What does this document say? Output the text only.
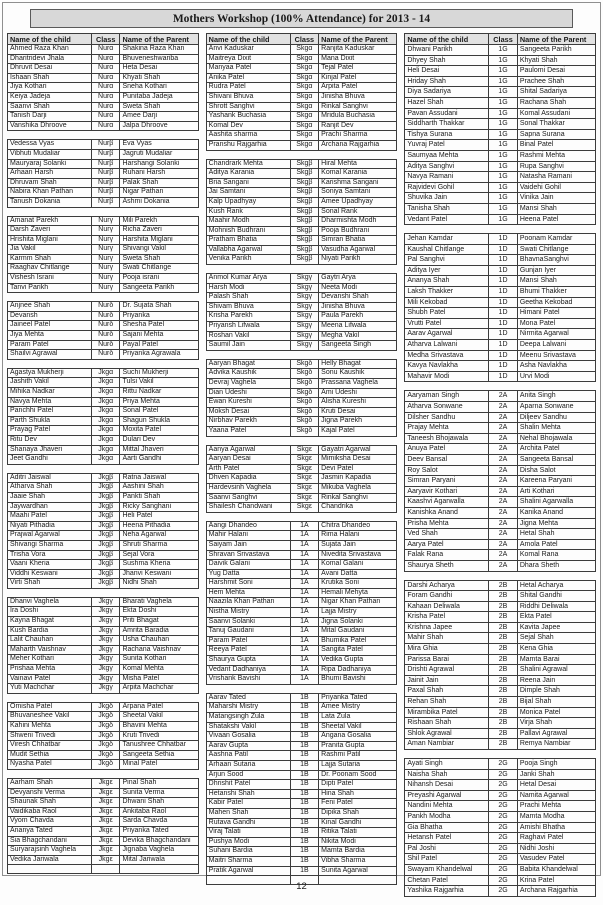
Mothers Workshop (100% Attendance) for 2013 - 14
Name of the child	Class	Name of the Parent
Ahmed Raza Khan	Nurα	Shakina Raza Khan
Dharitridevi Jhala	Nurα	Bhuveneshwariba
Dhruvit Desai	Nurα	Heta Desai
Ishaan Shah	Nurα	Khyati Shah
Jiya Kothari	Nurα	Sneha Kothari
Keiya Jadeja	Nurα	Punitaba Jadeja
Saanvi Shah	Nurα	Sweta Shah
Tanish Darji	Nurα	Amee Darji
Vanshika Dhroove	Nurα	Jalpa Dhroove
Vedessa Vyas	Nurβ	Eva Vyas
Vibhuti Mudaliar	Nurβ	Jagruti Mudaliar
Mauryaraj Solanki	Nurβ	Harshangi Solanki
Arhaan Harsh	Nurβ	Ruhani Harsh
Dhruvam Shah	Nurβ	Palak Shah
Nabira Khan Pathan	Nurβ	Nigar Pathan
Tanush Dokania	Nurβ	Ashmi Dokania
Amanat Parekh	Nurγ	Mili Parekh
Darsh Zaveri	Nurγ	Richa Zaveri
Hrishita Miglani	Nurγ	Harshita Miglani
Jia Vakil	Nurγ	Shivangi Vakil
Karmm Shah	Nurγ	Sweta Shah
Raaghav Chitlange	Nurγ	Swati Chitlange
Vishesh Israni	Nurγ	Pooja israni
Tanvi Parikh	Nurγ	Sangeeta Parikh
Anjnee Shah	Nurδ	Dr. Sujata Shah
Devansh	Nurδ	Priyanka
Jaineel Patel	Nurδ	Shesha Patel
Jiya Mehta	Nurδ	Sajani Mehta
Param Patel	Nurδ	Payal Patel
Shailvi Agrawal	Nurδ	Priyanka Agrawala
Agastya Mukherji	Jkgα	Suchi Mukherji
Jashith Vakil	Jkgα	Tulsi Vakil
Mihika Nadkar	Jkgα	Rittu Nadkar
Navya Mehta	Jkgα	Priya Mehta
Panchhi Patel	Jkgα	Sonal Patel
Parth Shukla	Jkgα	Shagun Shukla
Prayag Patel	Jkgα	Moxita Patel
Ritu Dev	Jkgα	Dulari Dev
Shanaya Jhaveri	Jkgα	Mittal Jhaveri
Jeet Gandhi	Jkgα	Aarti Gandhi
Aditri Jaiswal	Jkgβ	Ratna Jaiswal
Atharva Shah	Jkgβ	Aashini Shah
Jaaie Shah	Jkgβ	Pankti Shah
Jaywardhan	Jkgβ	Ricky Sanghani
Maahi Patel	Jkgβ	Heli Patel
Niyati Pithadia	Jkgβ	Heena Pithadia
Prajwal Agarwal	Jkgβ	Neha Agarwal
Shivangi Sharma	Jkgβ	Shruti Sharma
Trisha Vora	Jkgβ	Sejal Vora
Vaani Kheria	Jkgβ	Sushma Kheria
Viddhi Keswani	Jkgβ	Jhanvi Keswani
Virti Shah	Jkgβ	Nidhi Shah
Dhanvi Vaghela	Jkgγ	Bharati Vaghela
Ira Doshi	Jkgγ	Ekta Doshi
Kayna Bhagat	Jkgγ	Priti Bhagat
Kush Bardia	Jkgγ	Amrita Baradia
Lalit Chauhan	Jkgγ	Usha Chauhan
Maharth Vaishnav	Jkgγ	Rachana Vaishnav
Meher Kothari	Jkgγ	Sunita Kothari
Prishaa Mehta	Jkgγ	Komal Mehta
Vainavi Patel	Jkgγ	Misha Patel
Yuti Machchar	Jkgγ	Arpita Machchar
Omisha Patel	Jkgδ	Arpana Patel
Bhuvaneshee Vakil	Jkgδ	Sheetal Vakil
Kahini Mehta	Jkgδ	Bhavini Mehta
Shweni Trivedi	Jkgδ	Kruti Trivedi
Viresh Chhatbar	Jkgδ	Tanushree Chhatbar
Mudit Sethia	Jkgδ	Sangeeta Sethia
Nyasha Patel	Jkgδ	Minal Patel
Aarham Shah	Jkgε	Pinal Shah
Devyanshi Verma	Jkgε	Sunita Verma
Shaunak Shah	Jkgε	Dhwani Shah
Vaidikaba Raol	Jkgε	Ankitaba Raol
Vyom Chavda	Jkgε	Sarda Chavda
Ananya Tated	Jkgε	Priyanka Tated
Sia Bhagchandani	Jkgε	Devika Bhagchandani
Suryarajsinh Vaghela	Jkgε	Jignaba Vaghela
Vedika Jariwala	Jkgε	Mital Jariwala

Name of the child	Class	Name of the Parent
Anvi Kaduskar	Skgα	Ranjita Kaduskar
Maitreya Dixit	Skgα	Mana Dixit
Manyaa Patel	Skgα	Tejal Patel
Anika Patel	Skgα	Kinjal Patel
Rudra Patel	Skgα	Arpita Patel
Shivani Bhuva	Skgα	Jinisha Bhuva
Shrott Sanghvi	Skgα	Rinkal Sanghvi
Yashank Buchasia	Skgα	Mridula Buchasia
Komal Dev	Skgα	Ranjit Dev
Aashita sharma	Skgα	Prachi Sharma
Pranshu Rajgarhia	Skgα	Archana Rajgarhia
Chandrark Mehta	Skgβ	Hiral Mehta
Aditya Karania	Skgβ	Komal Karania
Bria Sangani	Skgβ	Karishma Sangani
Jai Samtani	Skgβ	Soniya Samtani
Kalp Upadhyay	Skgβ	Amee Upadhyay
Kush Rank	Skgβ	Sonal Rank
Maahir Modh	Skgβ	Dharmishta Modh
Mohnish Budhrani	Skgβ	Pooja Budhrani
Pratham Bhatia	Skgβ	Simran Bhatia
Vallabha Agarwal	Skgβ	Vasudha Agarwal
Venika Parikh	Skgβ	Niyati Parikh
Anmol Kumar Arya	Skgγ	Gaytri Arya
Harsh Modi	Skgγ	Neeta Modi
Palash Shah	Skgγ	Devanshi Shah
Shivam Bhuva	Skgγ	Jinisha Bhuva
Krisha Parekh	Skgγ	Paula Parekh
Priyansh Lifwala	Skgγ	Meena Lifwala
Roshan Vakil	Skgγ	Megha Vakil
Saumil Jain	Skgγ	Sangeeta Singh
Aaryan Bhagat	Skgδ	Helly Bhagat
Advika Kaushik	Skgδ	Sonu Kaushik
Devraj Vaghela	Skgδ	Prassana Vaghela
Dian Udeshi	Skgδ	Ami Udeshi
Ewan Kureshi	Skgδ	Alisha Kureshi
Moksh Desai	Skgδ	Kruti Desai
Nirbhav Parekh	Skgδ	Jigna Parekh
Yaana Patel	Skgδ	Kajal Patel
Aanya Agarwal	Skgε	Gayatri Agarwal
Aaryan Desai	Skgε	Mimiksha Desai
Arth Patel	Skgε	Devi Patel
Dhven Kapadia	Skgε	Jasmin Kapadia
Hardevsinh Vaghela	Skgε	Mikuba Vaghela
Saanvi Sanghvi	Skgε	Rinkal Sanghvi
Shailesh Chandwani	Skgε	Chandrika
Aangi Dhandeo	1A	Chitra Dhandeo
Mahir Halani	1A	Rima Halani
Saiyam Jain	1A	Sujata Jain
Shravan Srivastava	1A	Nivedita Srivastava
Daivik Galani	1A	Komal Galani
Yug Datta	1A	Avani Datta
Harshmit Soni	1A	Krutika Soni
Hem Mehta	1A	Hemali Mehyta
Naazila Khan Pathan	1A	Nigar Khan Pathan
Nistha Mistry	1A	Lajja Mistry
Saanvi Solanki	1A	Jigna Solanki
Tanuj Gaudani	1A	Mital Gaudani
Param Patel	1A	Bhumika Patel
Reeya Patel	1A	Sangita Patel
Shaurya Gupta	1A	Vedika Gupta
Vedant Dadhaniya	1A	Ripa Dadhaniya
Vrishank Bavishi	1A	Bhumi Bavishi
Aarav Tated	1B	Priyanka Tated
Maharshi Mistry	1B	Amee Mistry
Matangsingh Zula	1B	Lata Zula
Shatakshi Vakil	1B	Sheetal Vakil
Vivaan Gosalia	1B	Angana Gosalia
Aarav Gupta	1B	Pranita Gupta
Aashna Patil	1B	Rashmi Patil
Arhaan Sutaria	1B	Lajja Sutaria
Arjun Sood	1B	Dr. Poonam Sood
Dhrishit Patel	1B	Dipti Patel
Hetanshi Shah	1B	Hina Shah
Kabir Patel	1B	Feni Patel
Mahen Shah	1B	Dipika Shah
Rutava Gandhi	1B	Kinal Gandhi
Viraj Talati	1B	Ritika Talati
Pushya Modi	1B	Nikita Modi
Suhani Bardia	1B	Mamta Bardia
Maitri Sharma	1B	Vibha Sharma
Pratik Agarwal	1B	Sunita Agarwal

Name of the child	Class	Name of the Parent
Dhwani Parikh	1G	Sangeeta Parikh
Dhyey Shah	1G	Khyati Shah
Heli Desai	1G	Paulomi Desai
Hriday Shah	1G	Prachee Shah
Diya Sadariya	1G	Shital Sadariya
Hazel Shah	1G	Rachana Shah
Pavan Assudani	1G	Komal Assudani
Siddharth Thakkar	1G	Sonal Thakkar
Tishya Surana	1G	Sapna Surana
Yuvraj Patel	1G	Binal Patel
Saumyaa Mehta	1G	Rashmi Mehta
Aditya Sanghvi	1G	Rupa Sanghvi
Navya Ramani	1G	Natasha Ramani
Rajvidevi Gohil	1G	Vaidehi Gohil
Shuvika Jain	1G	Vinika Jain
Tanisha Shah	1G	Mansi Shah
Vedant Patel	1G	Heena Patel
Jehan Kamdar	1D	Poonam Kamdar
Kaushal Chitlange	1D	Swati Chitlange
Pal Sanghvi	1D	BhavnaSanghvi
Aditya Iyer	1D	Gunjan Iyer
Ananya Shah	1D	Mansi Shah
Laksh Thakker	1D	Bhumi Thakker
Mili Kekobad	1D	Geetha Kekobad
Shubh Patel	1D	Himani Patel
Vrutti Patel	1D	Mona Patel
Aarav Agarwal	1D	Nirmita Agarwal
Atharva Lalwani	1D	Deepa Lalwani
Medha Srivastava	1D	Meenu Srivastava
Kavya Navlakha	1D	Asha Navlakha
Mahavir Modi	1D	Urvi Modi
Aaryaman Singh	2A	Anita Singh
Atharva Sonwane	2A	Aparna Sonwane
Dilsher Sandhu	2A	Diljeev Sandhu
Prajay Mehta	2A	Shalin Mehta
Taneesh Bhojawala	2A	Nehal Bhojawala
Anuya Patel	2A	Archita Patel
Deev Bansal	2A	Sangeeta Bansal
Roy Salot	2A	Disha Salot
Simran Paryani	2A	Kareena Paryani
Aaryavir Kothari	2A	Arti Kothari
Kaashvi Agarwalla	2A	Shalini Agarwalla
Kanishka Anand	2A	Kanika Anand
Prisha Mehta	2A	Jigna Mehta
Ved Shah	2A	Hetal Shah
Aarya Patel	2A	Amola Patel
Falak Rana	2A	Komal Rana
Shaurya Sheth	2A	Dhara Sheth
Darshi Acharya	2B	Hetal Acharya
Foram Gandhi	2B	Shital Gandhi
Kahaan Deliwala	2B	Riddhi Deliwala
Krisha Patel	2B	Ekta Patel
Krishna Japee	2B	Kavita Japee
Mahir Shah	2B	Sejal Shah
Mira Ghia	2B	Kena Ghia
Parissa Barai	2B	Mamta Barai
Drishti Agrawal	2B	Shalini Agrawal
Jainit Jain	2B	Reena Jain
Paxal Shah	2B	Dimple Shah
Rehan Shah	2B	Bijal Shah
Mirambika Patel	2B	Monica Patel
Rishaan Shah	2B	Virja Shah
Shlok Agrawal	2B	Pallavi Agrawal
Aman Nambiar	2B	Remya Nambiar
Ayati Singh	2G	Pooja Singh
Naisha Shah	2G	Janki Shah
Nihansh Desai	2G	Hetal Desai
Preyashi Agarwal	2G	Namita Agarwal
Nandini Mehta	2G	Prachi Mehta
Pankh Modha	2G	Mamta Modha
Gia Bhatha	2G	Amishi Bhatha
Hetansh Patel	2G	Raghavi Patel
Pal Joshi	2G	Nidhi Joshi
Shil Patel	2G	Vasudev Patel
Swayam Khandelwal	2G	Babita Khandelwal
Chetan Patel	2G	Krina Patel
Yashika Rajgarhia	2G	Archana Rajgarhia
12
